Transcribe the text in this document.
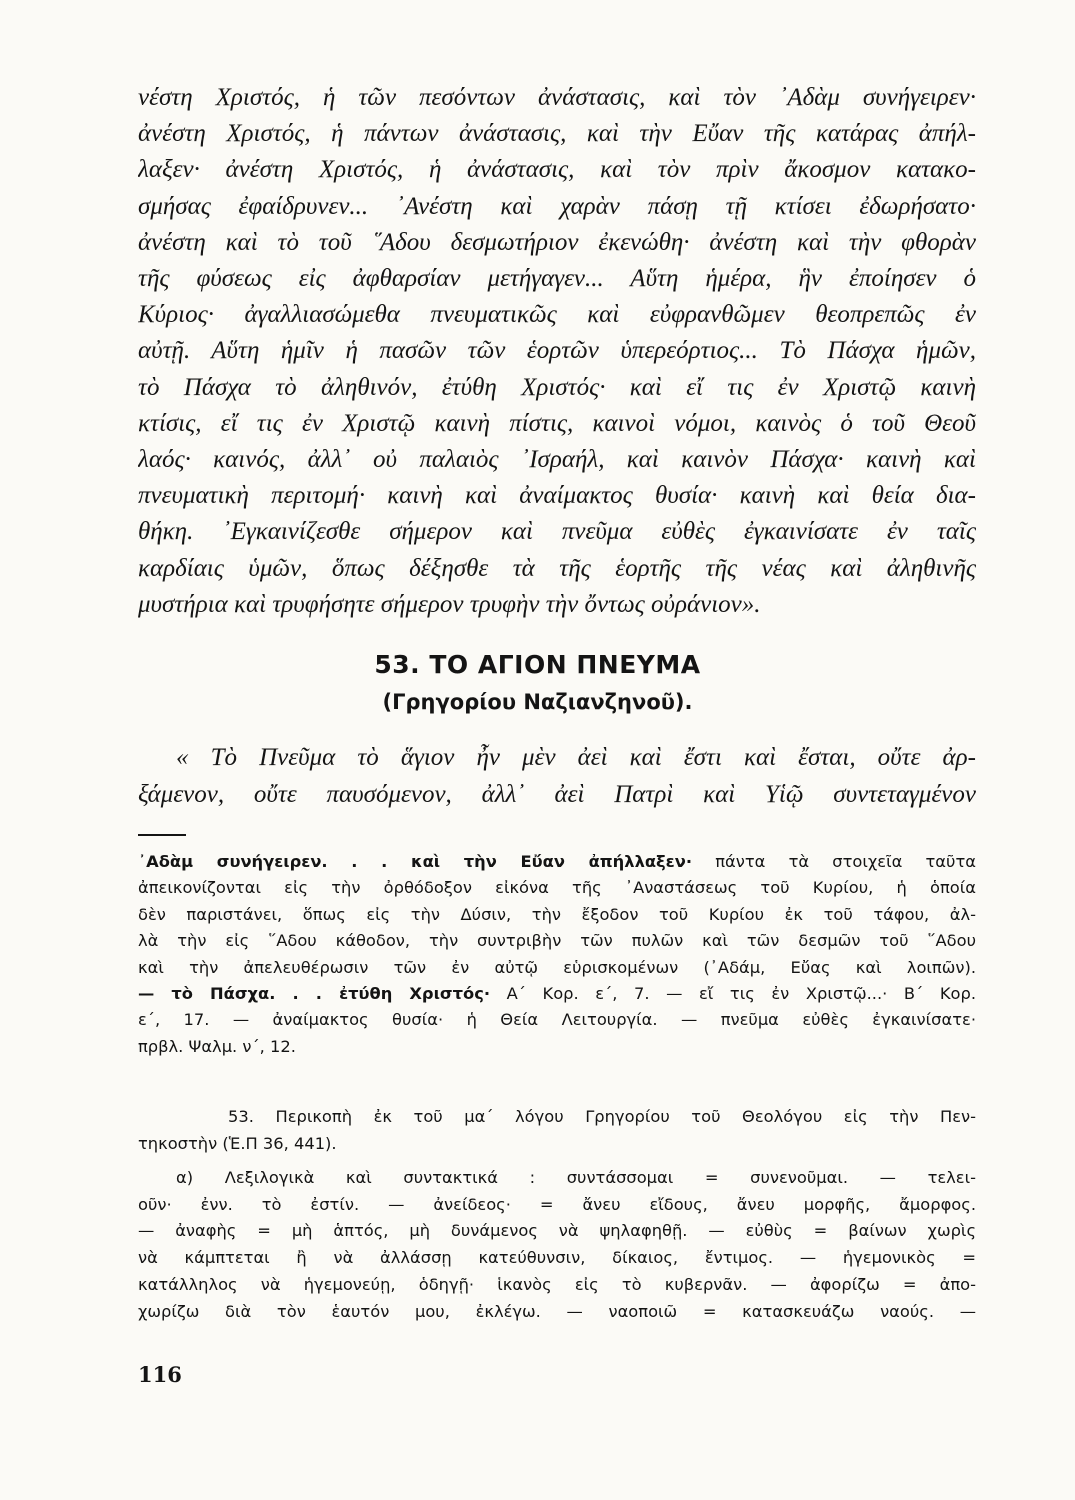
νέστη Χριστός, ἡ τῶν πεσόντων ἀνάστασις, καὶ τὸν ᾿Αδὰμ συνήγειρεν·
ἀνέστη Χριστός, ἡ πάντων ἀνάστασις, καὶ τὴν Εὔαν τῆς κατάρας ἀπήλ-
λαξεν· ἀνέστη Χριστός, ἡ ἀνάστασις, καὶ τὸν πρὶν ἄκοσμον κατακο-
σμήσας ἐφαίδρυνεν... ᾿Ανέστη καὶ χαρὰν πάσῃ τῇ κτίσει ἐδωρήσατο·
ἀνέστη καὶ τὸ τοῦ ῞Αδου δεσμωτήριον ἐκενώθη· ἀνέστη καὶ τὴν φθορὰν
τῆς φύσεως εἰς ἀφθαρσίαν μετήγαγεν... Αὕτη ἡμέρα, ἣν ἐποίησεν ὁ
Κύριος· ἀγαλλιασώμεθα πνευματικῶς καὶ εὐφρανθῶμεν θεοπρεπῶς ἐν
αὐτῇ. Αὕτη ἡμῖν ἡ πασῶν τῶν ἑορτῶν ὑπερεόρτιος... Τὸ Πάσχα ἡμῶν,
τὸ Πάσχα τὸ ἀληθινόν, ἐτύθη Χριστός· καὶ εἴ τις ἐν Χριστῷ καινὴ
κτίσις, εἴ τις ἐν Χριστῷ καινὴ πίστις, καινοὶ νόμοι, καινὸς ὁ τοῦ Θεοῦ
λαός· καινός, ἀλλ᾿ οὐ παλαιὸς ᾿Ισραήλ, καὶ καινὸν Πάσχα· καινὴ καὶ
πνευματικὴ περιτομή· καινὴ καὶ ἀναίμακτος θυσία· καινὴ καὶ θεία δια-
θήκη. ᾿Εγκαινίζεσθε σήμερον καὶ πνεῦμα εὐθὲς ἐγκαινίσατε ἐν ταῖς
καρδίαις ὑμῶν, ὅπως δέξησθε τὰ τῆς ἑορτῆς τῆς νέας καὶ ἀληθινῆς
μυστήρια καὶ τρυφήσητε σήμερον τρυφὴν τὴν ὄντως οὐράνιον».
53. ΤΟ ΑΓΙΟΝ ΠΝΕΥΜΑ
(Γρηγορίου Ναζιανζηνοῦ).
« Τὸ Πνεῦμα τὸ ἅγιον ἦν μὲν ἀεὶ καὶ ἔστι καὶ ἔσται, οὔτε ἀρ-
ξάμενον, οὔτε παυσόμενον, ἀλλ᾿ ἀεὶ Πατρὶ καὶ Υἱῷ συντεταγμένον
᾿Αδὰμ συνήγειρεν. . . καὶ τὴν Εὔαν ἀπήλλαξεν· πάντα τὰ στοιχεῖα ταῦτα
ἀπεικονίζονται εἰς τὴν ὀρθόδοξον εἰκόνα τῆς ᾿Αναστάσεως τοῦ Κυρίου, ἡ ὁποία
δὲν παριστάνει, ὅπως εἰς τὴν Δύσιν, τὴν ἔξοδον τοῦ Κυρίου ἐκ τοῦ τάφου, ἀλ-
λὰ τὴν εἰς ῞Αδου κάθοδον, τὴν συντριβὴν τῶν πυλῶν καὶ τῶν δεσμῶν τοῦ ῞Αδου
καὶ τὴν ἀπελευθέρωσιν τῶν ἐν αὐτῷ εὑρισκομένων (᾿Αδάμ, Εὔας καὶ λοιπῶν).
— τὸ Πάσχα. . . ἐτύθη Χριστός· Α΄ Κορ. ε΄, 7. — εἴ τις ἐν Χριστῷ...· Β΄ Κορ.
ε΄, 17. — ἀναίμακτος θυσία· ἡ Θεία Λειτουργία. — πνεῦμα εὐθὲς ἐγκαινίσατε·
πρβλ. Ψαλμ. ν΄, 12.
53. Περικοπὴ ἐκ τοῦ μα΄ λόγου Γρηγορίου τοῦ Θεολόγου εἰς τὴν Πεν-
τηκοστὴν (Ἑ.Π 36, 441).
α) Λεξιλογικὰ καὶ συντακτικά : συντάσσομαι = συνενοῦμαι. — τελει-
οῦν· ἐνν. τὸ ἐστίν. — ἀνείδεος· = ἄνευ εἴδους, ἄνευ μορφῆς, ἄμορφος.
— ἀναφὴς = μὴ ἁπτός, μὴ δυνάμενος νὰ ψηλαφηθῇ. — εὐθὺς = βαίνων χωρὶς
νὰ κάμπτεται ἢ νὰ ἀλλάσσῃ κατεύθυνσιν, δίκαιος, ἔντιμος. — ἡγεμονικὸς =
κατάλληλος νὰ ἡγεμονεύῃ, ὁδηγῇ· ἱκανὸς εἰς τὸ κυβερνᾶν. — ἀφορίζω = ἀπο-
χωρίζω διὰ τὸν ἑαυτόν μου, ἐκλέγω. — ναοποιῶ = κατασκευάζω ναούς. —
116
